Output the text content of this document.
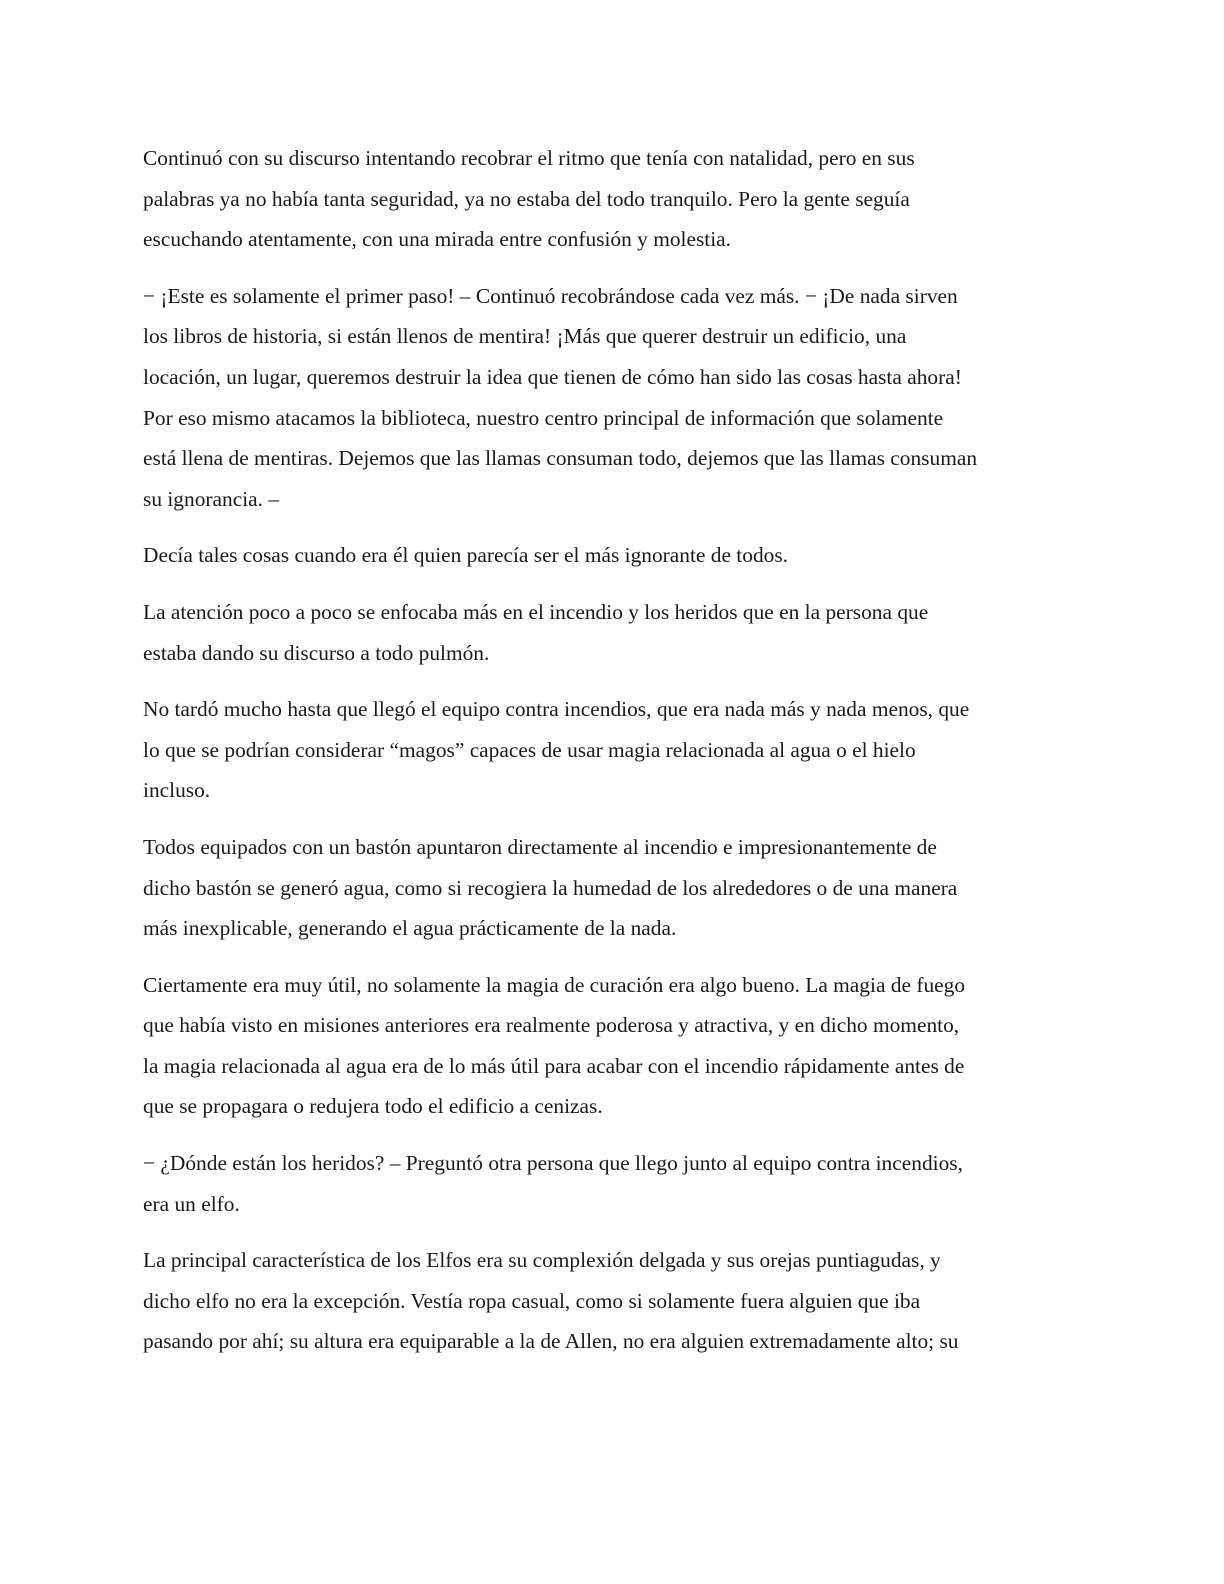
Continuó con su discurso intentando recobrar el ritmo que tenía con natalidad, pero en sus
palabras ya no había tanta seguridad, ya no estaba del todo tranquilo. Pero la gente seguía
escuchando atentamente, con una mirada entre confusión y molestia.

− ¡Este es solamente el primer paso! – Continuó recobrándose cada vez más. − ¡De nada sirven
los libros de historia, si están llenos de mentira! ¡Más que querer destruir un edificio, una
locación, un lugar, queremos destruir la idea que tienen de cómo han sido las cosas hasta ahora!
Por eso mismo atacamos la biblioteca, nuestro centro principal de información que solamente
está llena de mentiras. Dejemos que las llamas consuman todo, dejemos que las llamas consuman
su ignorancia. –

Decía tales cosas cuando era él quien parecía ser el más ignorante de todos.

La atención poco a poco se enfocaba más en el incendio y los heridos que en la persona que
estaba dando su discurso a todo pulmón.

No tardó mucho hasta que llegó el equipo contra incendios, que era nada más y nada menos, que
lo que se podrían considerar “magos” capaces de usar magia relacionada al agua o el hielo
incluso.

Todos equipados con un bastón apuntaron directamente al incendio e impresionantemente de
dicho bastón se generó agua, como si recogiera la humedad de los alrededores o de una manera
más inexplicable, generando el agua prácticamente de la nada.

Ciertamente era muy útil, no solamente la magia de curación era algo bueno. La magia de fuego
que había visto en misiones anteriores era realmente poderosa y atractiva, y en dicho momento,
la magia relacionada al agua era de lo más útil para acabar con el incendio rápidamente antes de
que se propagara o redujera todo el edificio a cenizas.

− ¿Dónde están los heridos? – Preguntó otra persona que llego junto al equipo contra incendios,
era un elfo.

La principal característica de los Elfos era su complexión delgada y sus orejas puntiagudas, y
dicho elfo no era la excepción. Vestía ropa casual, como si solamente fuera alguien que iba
pasando por ahí; su altura era equiparable a la de Allen, no era alguien extremadamente alto; su
